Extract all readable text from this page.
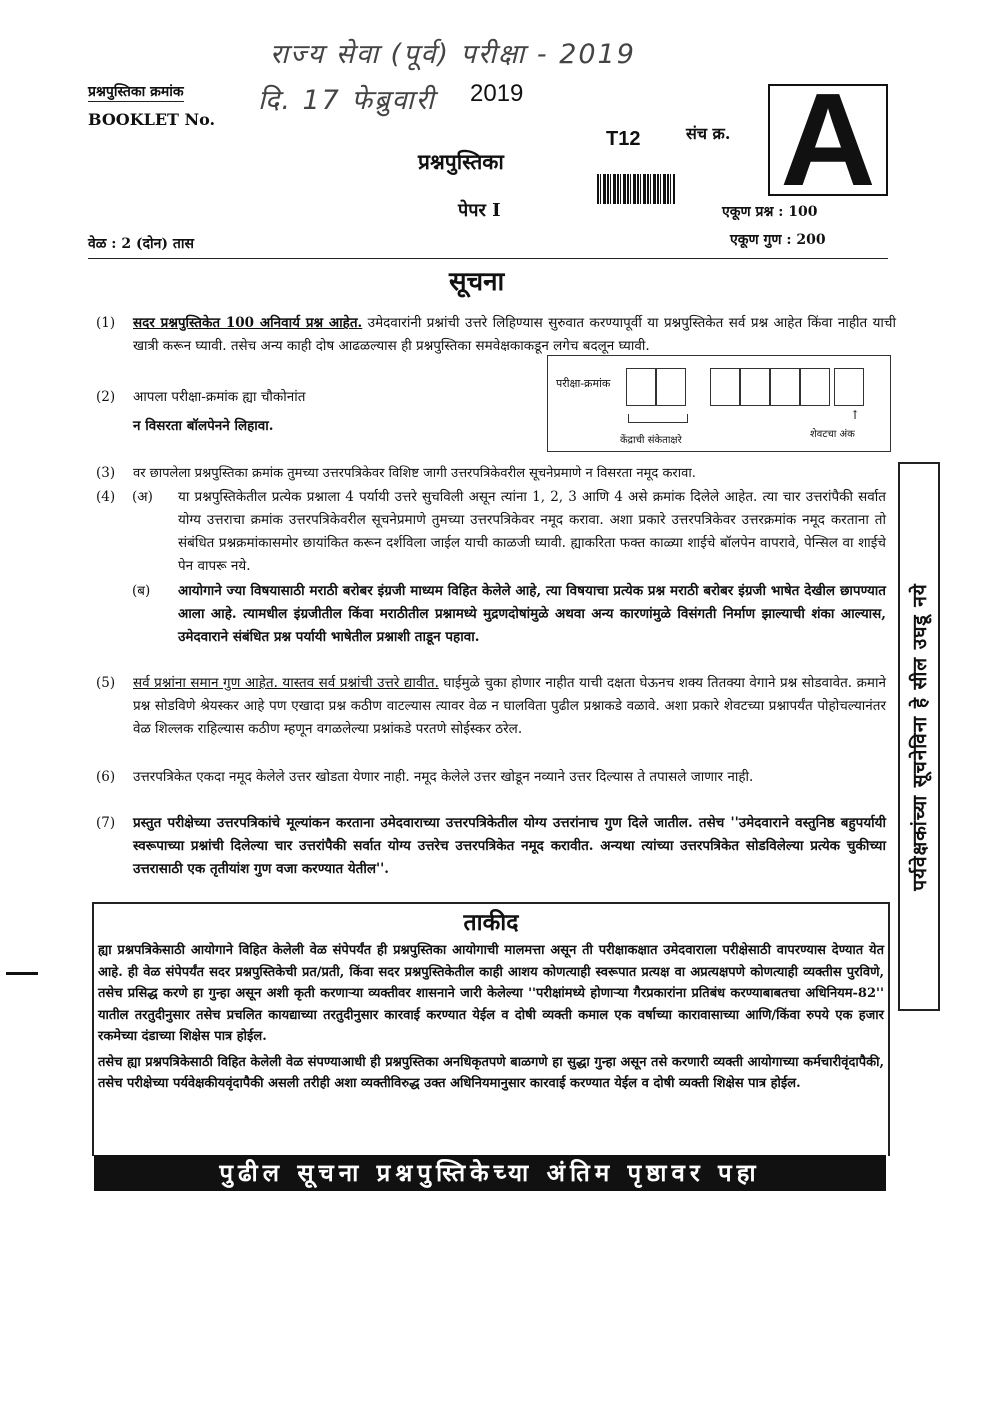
राज्य सेवा (पूर्व) परीक्षा - 2019
दि. 17 फेब्रुवारी 2019
प्रश्नपुस्तिका क्रमांक
BOOKLET No.
T12	संच क्र. A
प्रश्नपुस्तिका
पेपर I	एकूण प्रश्न : 100
एकूण गुण : 200
वेळ : 2 (दोन) तास
सूचना
(1) सदर प्रश्नपुस्तिकेत 100 अनिवार्य प्रश्न आहेत. उमेदवारांनी प्रश्नांची उत्तरे लिहिण्यास सुरुवात करण्यापूर्वी या प्रश्नपुस्तिकेत सर्व प्रश्न आहेत किंवा नाहीत याची खात्री करून घ्यावी. तसेच अन्य काही दोष आढळल्यास ही प्रश्नपुस्तिका समवेक्षकाकडून लगेच बदलून घ्यावी.
(2) आपला परीक्षा-क्रमांक ह्या चौकोनांत
न विसरता बॉलपेनने लिहावा.
परीक्षा-क्रमांक
केंद्राची संकेताक्षरे
↑
शेवटचा अंक
(3) वर छापलेला प्रश्नपुस्तिका क्रमांक तुमच्या उत्तरपत्रिकेवर विशिष्ट जागी उत्तरपत्रिकेवरील सूचनेप्रमाणे न विसरता नमूद करावा.
(4) (अ) या प्रश्नपुस्तिकेतील प्रत्येक प्रश्नाला 4 पर्यायी उत्तरे सुचविली असून त्यांना 1, 2, 3 आणि 4 असे क्रमांक दिलेले आहेत. त्या चार उत्तरांपैकी सर्वात योग्य उत्तराचा क्रमांक उत्तरपत्रिकेवरील सूचनेप्रमाणे तुमच्या उत्तरपत्रिकेवर नमूद करावा. अशा प्रकारे उत्तरपत्रिकेवर उत्तरक्रमांक नमूद करताना तो संबंधित प्रश्नक्रमांकासमोर छायांकित करून दर्शविला जाईल याची काळजी घ्यावी. ह्याकरिता फक्त काळ्या शाईचे बॉलपेन वापरावे, पेन्सिल वा शाईचे पेन वापरू नये.
(ब) आयोगाने ज्या विषयासाठी मराठी बरोबर इंग्रजी माध्यम विहित केलेले आहे, त्या विषयाचा प्रत्येक प्रश्न मराठी बरोबर इंग्रजी भाषेत देखील छापण्यात आला आहे. त्यामधील इंग्रजीतील किंवा मराठीतील प्रश्नामध्ये मुद्रणदोषांमुळे अथवा अन्य कारणांमुळे विसंगती निर्माण झाल्याची शंका आल्यास, उमेदवाराने संबंधित प्रश्न पर्यायी भाषेतील प्रश्नाशी ताडून पहावा.
(5) सर्व प्रश्नांना समान गुण आहेत. यास्तव सर्व प्रश्नांची उत्तरे द्यावीत. घाईमुळे चुका होणार नाहीत याची दक्षता घेऊनच शक्य तितक्या वेगाने प्रश्न सोडवावेत. क्रमाने प्रश्न सोडविणे श्रेयस्कर आहे पण एखादा प्रश्न कठीण वाटल्यास त्यावर वेळ न घालविता पुढील प्रश्नाकडे वळावे. अशा प्रकारे शेवटच्या प्रश्नापर्यंत पोहोचल्यानंतर वेळ शिल्लक राहिल्यास कठीण म्हणून वगळलेल्या प्रश्नांकडे परतणे सोईस्कर ठरेल.
(6) उत्तरपत्रिकेत एकदा नमूद केलेले उत्तर खोडता येणार नाही. नमूद केलेले उत्तर खोडून नव्याने उत्तर दिल्यास ते तपासले जाणार नाही.
(7) प्रस्तुत परीक्षेच्या उत्तरपत्रिकांचे मूल्यांकन करताना उमेदवाराच्या उत्तरपत्रिकेतील योग्य उत्तरांनाच गुण दिले जातील. तसेच ''उमेदवाराने वस्तुनिष्ठ बहुपर्यायी स्वरूपाच्या प्रश्नांची दिलेल्या चार उत्तरांपैकी सर्वात योग्य उत्तरेच उत्तरपत्रिकेत नमूद करावीत. अन्यथा त्यांच्या उत्तरपत्रिकेत सोडविलेल्या प्रत्येक चुकीच्या उत्तरासाठी एक तृतीयांश गुण वजा करण्यात येतील''.	पर्यवेक्षकांच्या सूचनेविना हे सील उघडू नये
ताकीद
ह्या प्रश्नपत्रिकेसाठी आयोगाने विहित केलेली वेळ संपेपर्यंत ही प्रश्नपुस्तिका आयोगाची मालमत्ता असून ती परीक्षाकक्षात उमेदवाराला परीक्षेसाठी वापरण्यास देण्यात येत आहे. ही वेळ संपेपर्यंत सदर प्रश्नपुस्तिकेची प्रत/प्रती, किंवा सदर प्रश्नपुस्तिकेतील काही आशय कोणत्याही स्वरूपात प्रत्यक्ष वा अप्रत्यक्षपणे कोणत्याही व्यक्तीस पुरविणे, तसेच प्रसिद्ध करणे हा गुन्हा असून अशी कृती करणाऱ्या व्यक्तीवर शासनाने जारी केलेल्या ''परीक्षांमध्ये होणाऱ्या गैरप्रकारांना प्रतिबंध करण्याबाबतचा अधिनियम-82'' यातील तरतुदीनुसार तसेच प्रचलित कायद्याच्या तरतुदीनुसार कारवाई करण्यात येईल व दोषी व्यक्ती कमाल एक वर्षाच्या कारावासाच्या आणि/किंवा रुपये एक हजार रकमेच्या दंडाच्या शिक्षेस पात्र होईल.
तसेच ह्या प्रश्नपत्रिकेसाठी विहित केलेली वेळ संपण्याआधी ही प्रश्नपुस्तिका अनधिकृतपणे बाळगणे हा सुद्धा गुन्हा असून तसे करणारी व्यक्ती आयोगाच्या कर्मचारीवृंदापैकी, तसेच परीक्षेच्या पर्यवेक्षकीयवृंदापैकी असली तरीही अशा व्यक्तीविरुद्ध उक्त अधिनियमानुसार कारवाई करण्यात येईल व दोषी व्यक्ती शिक्षेस पात्र होईल.
पुढील सूचना प्रश्नपुस्तिकेच्या अंतिम पृष्ठावर पहा
